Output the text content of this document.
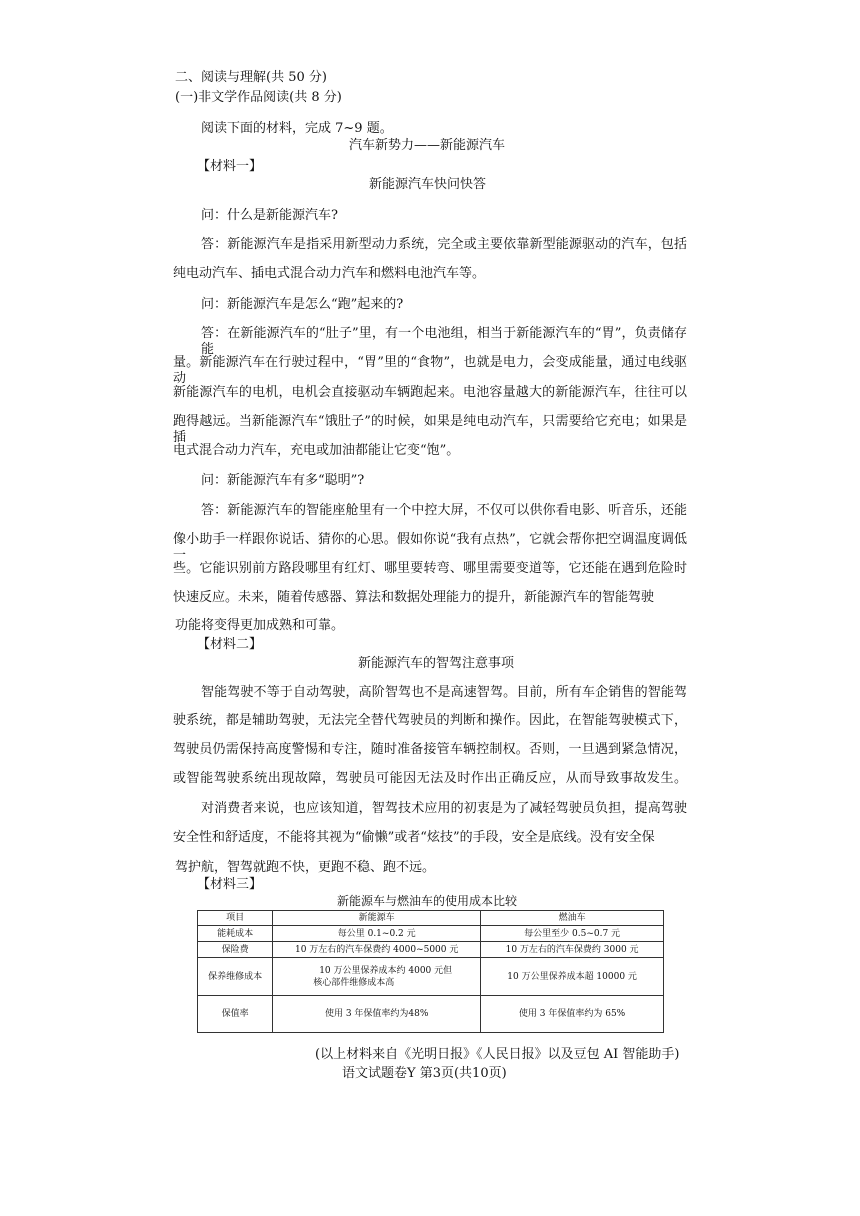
二、阅读与理解(共 50 分)
(一)非文学作品阅读(共 8 分)
阅读下面的材料，完成 7~9 题。
汽车新势力——新能源汽车
【材料一】
新能源汽车快问快答
问：什么是新能源汽车?
答：新能源汽车是指采用新型动力系统，完全或主要依靠新型能源驱动的汽车，包括
纯电动汽车、插电式混合动力汽车和燃料电池汽车等。
问：新能源汽车是怎么“跑”起来的?
答：在新能源汽车的“肚子”里，有一个电池组，相当于新能源汽车的“胃”，负责储存能
量。新能源汽车在行驶过程中，“胃”里的“食物”，也就是电力，会变成能量，通过电线驱动
新能源汽车的电机，电机会直接驱动车辆跑起来。电池容量越大的新能源汽车，往往可以
跑得越远。当新能源汽车“饿肚子”的时候，如果是纯电动汽车，只需要给它充电；如果是插
电式混合动力汽车，充电或加油都能让它变“饱”。
问：新能源汽车有多“聪明”?
答：新能源汽车的智能座舱里有一个中控大屏，不仅可以供你看电影、听音乐，还能
像小助手一样跟你说话、猜你的心思。假如你说“我有点热”，它就会帮你把空调温度调低一
些。它能识别前方路段哪里有红灯、哪里要转弯、哪里需要变道等，它还能在遇到危险时
快速反应。未来，随着传感器、算法和数据处理能力的提升，新能源汽车的智能驾驶
功能将变得更加成熟和可靠。
【材料二】
新能源汽车的智驾注意事项
智能驾驶不等于自动驾驶，高阶智驾也不是高速智驾。目前，所有车企销售的智能驾
驶系统，都是辅助驾驶，无法完全替代驾驶员的判断和操作。因此，在智能驾驶模式下，
驾驶员仍需保持高度警惕和专注，随时准备接管车辆控制权。否则，一旦遇到紧急情况，
或智能驾驶系统出现故障，驾驶员可能因无法及时作出正确反应，从而导致事故发生。
对消费者来说，也应该知道，智驾技术应用的初衷是为了减轻驾驶员负担，提高驾驶
安全性和舒适度，不能将其视为“偷懒”或者“炫技”的手段，安全是底线。没有安全保
驾护航，智驾就跑不快，更跑不稳、跑不远。
【材料三】
新能源车与燃油车的使用成本比较
项目	新能源车	燃油车
能耗成本	每公里 0.1~0.2 元	每公里至少 0.5~0.7 元
保险费	10 万左右的汽车保费约 4000~5000 元	10 万左右的汽车保费约 3000 元
保养维修成本	10 万公里保养成本约 4000 元但
核心部件维修成本高	10 万公里保养成本超 10000 元
保值率	使用 3 年保值率约为48%	使用 3 年保值率约为 65%
(以上材料来自《光明日报》《人民日报》以及豆包 AI 智能助手)
语文试题卷Y 第3页(共10页)
